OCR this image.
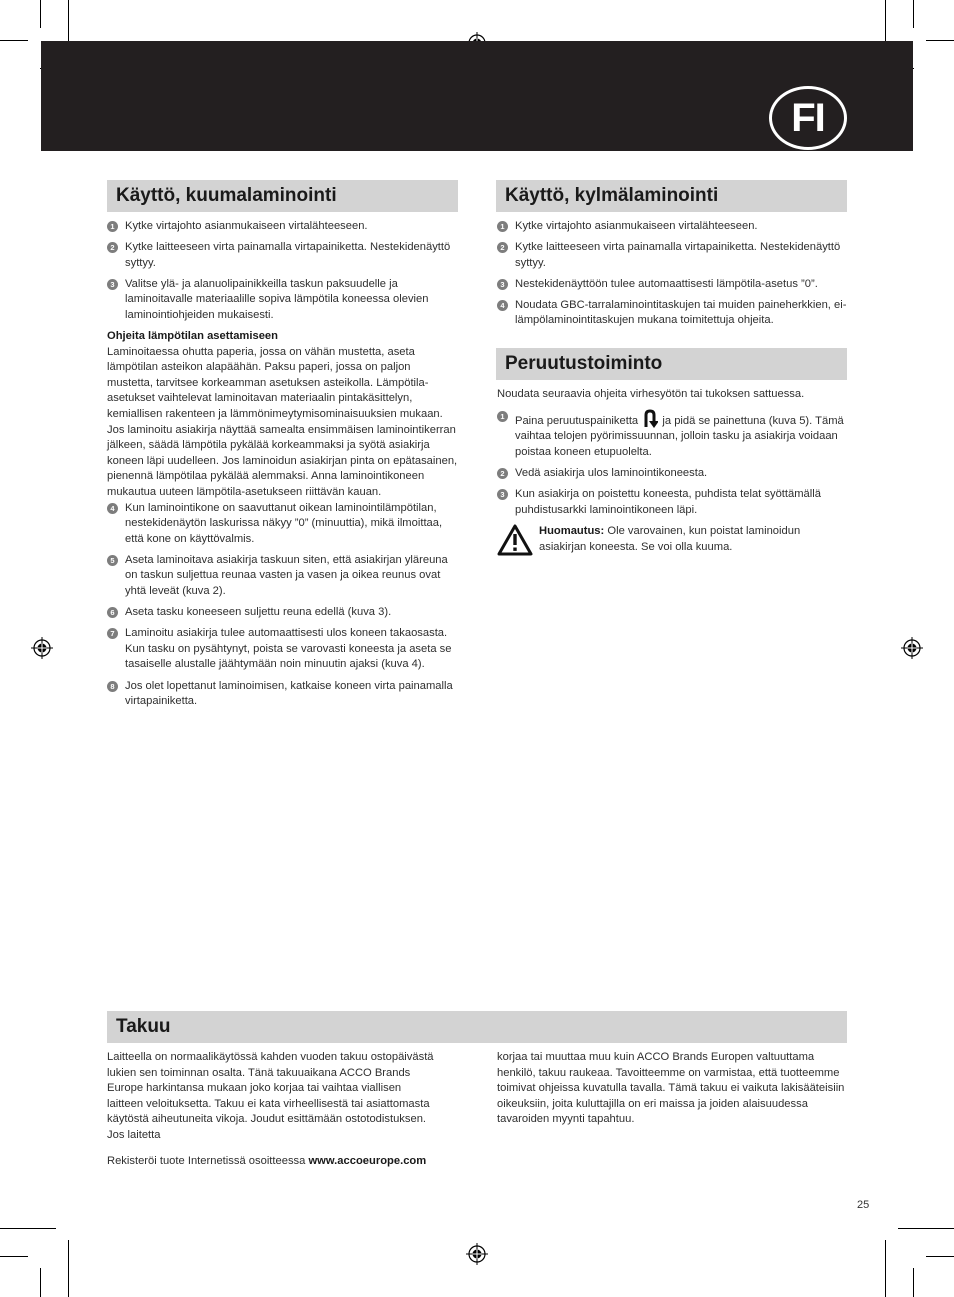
FI
Käyttö, kuumalaminointi
1 Kytke virtajohto asianmukaiseen virtalähteeseen.
2 Kytke laitteeseen virta painamalla virtapainiketta. Nestekidenäyttö syttyy.
3 Valitse ylä- ja alanuolipainikkeilla taskun paksuudelle ja laminoitavalle materiaalille sopiva lämpötila koneessa olevien laminointiohjeiden mukaisesti.

Ohjeita lämpötilan asettamiseen

Laminoitaessa ohutta paperia, jossa on vähän mustetta, aseta lämpötilan asteikon alapäähän. Paksu paperi, jossa on paljon mustetta, tarvitsee korkeamman asetuksen asteikolla. Lämpötila-asetukset vaihtelevat laminoitavan materiaalin pintakäsittelyn, kemiallisen rakenteen ja lämmönimeytymisominaisuuksien mukaan. Jos laminoitu asiakirja näyttää samealta ensimmäisen laminointikerran jälkeen, säädä lämpötila pykälää korkeammaksi ja syötä asiakirja koneen läpi uudelleen. Jos laminoidun asiakirjan pinta on epätasainen, pienennä lämpötilaa pykälää alemmaksi. Anna laminointikoneen mukautua uuteen lämpötila-asetukseen riittävän kauan.

4 Kun laminointikone on saavuttanut oikean laminointilämpötilan, nestekidenäytön laskurissa näkyy ”0” (minuuttia), mikä ilmoittaa, että kone on käyttövalmis.
5 Aseta laminoitava asiakirja taskuun siten, että asiakirjan yläreuna on taskun suljettua reunaa vasten ja vasen ja oikea reunus ovat yhtä leveät (kuva 2).
6 Aseta tasku koneeseen suljettu reuna edellä (kuva 3).
7 Laminoitu asiakirja tulee automaattisesti ulos koneen takaosasta. Kun tasku on pysähtynyt, poista se varovasti koneesta ja aseta se tasaiselle alustalle jäähtymään noin minuutin ajaksi (kuva 4).
8 Jos olet lopettanut laminoimisen, katkaise koneen virta painamalla virtapainiketta.
Käyttö, kylmälaminointi
1 Kytke virtajohto asianmukaiseen virtalähteeseen.
2 Kytke laitteeseen virta painamalla virtapainiketta. Nestekidenäyttö syttyy.
3 Nestekidenäyttöön tulee automaattisesti lämpötila-asetus ”0”.
4 Noudata GBC-tarralaminointitaskujen tai muiden paineherkkien, ei-lämpölaminointitaskujen mukana toimitettuja ohjeita.
Peruutustoiminto

Noudata seuraavia ohjeita virhesyötön tai tukoksen sattuessa.

1 Paina peruutuspainiketta ja pidä se painettuna (kuva 5). Tämä vaihtaa telojen pyörimissuunnan, jolloin tasku ja asiakirja voidaan poistaa koneen etupuolelta.
2 Vedä asiakirja ulos laminointikoneesta.
3 Kun asiakirja on poistettu koneesta, puhdista telat syöttämällä puhdistusarkki laminointikoneen läpi.
Huomautus: Ole varovainen, kun poistat laminoidun asiakirjan koneesta. Se voi olla kuuma.
Takuu

Laitteella on normaalikäytössä kahden vuoden takuu ostopäivästä lukien sen toiminnan osalta. Tänä takuuaikana ACCO Brands Europe harkintansa mukaan joko korjaa tai vaihtaa viallisen laitteen veloituksetta. Takuu ei kata virheellisestä tai asiattomasta käytöstä aiheutuneita vikoja. Joudut esittämään ostotodistuksen. Jos laitetta

Rekisteröi tuote Internetissä osoitteessa www.accoeurope.com

korjaa tai muuttaa muu kuin ACCO Brands Europen valtuuttama henkilö, takuu raukeaa. Tavoitteemme on varmistaa, että tuotteemme toimivat ohjeissa kuvatulla tavalla. Tämä takuu ei vaikuta lakisääteisiin oikeuksiin, joita kuluttajilla on eri maissa ja joiden alaisuudessa tavaroiden myynti tapahtuu.

25
